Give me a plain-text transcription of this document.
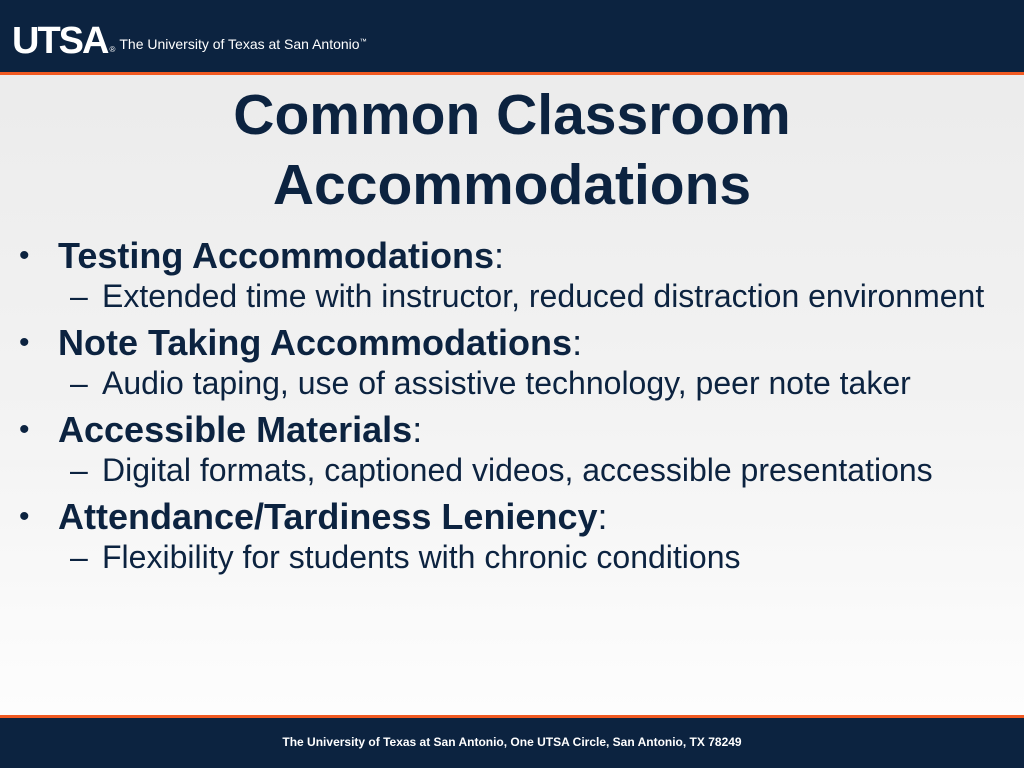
UTSA ® The University of Texas at San Antonio™
Common Classroom
Accommodations
• Testing Accommodations:
– Extended time with instructor, reduced distraction environment
• Note Taking Accommodations:
– Audio taping, use of assistive technology, peer note taker
• Accessible Materials:
– Digital formats, captioned videos, accessible presentations
• Attendance/Tardiness Leniency:
– Flexibility for students with chronic conditions
The University of Texas at San Antonio, One UTSA Circle, San Antonio, TX 78249
